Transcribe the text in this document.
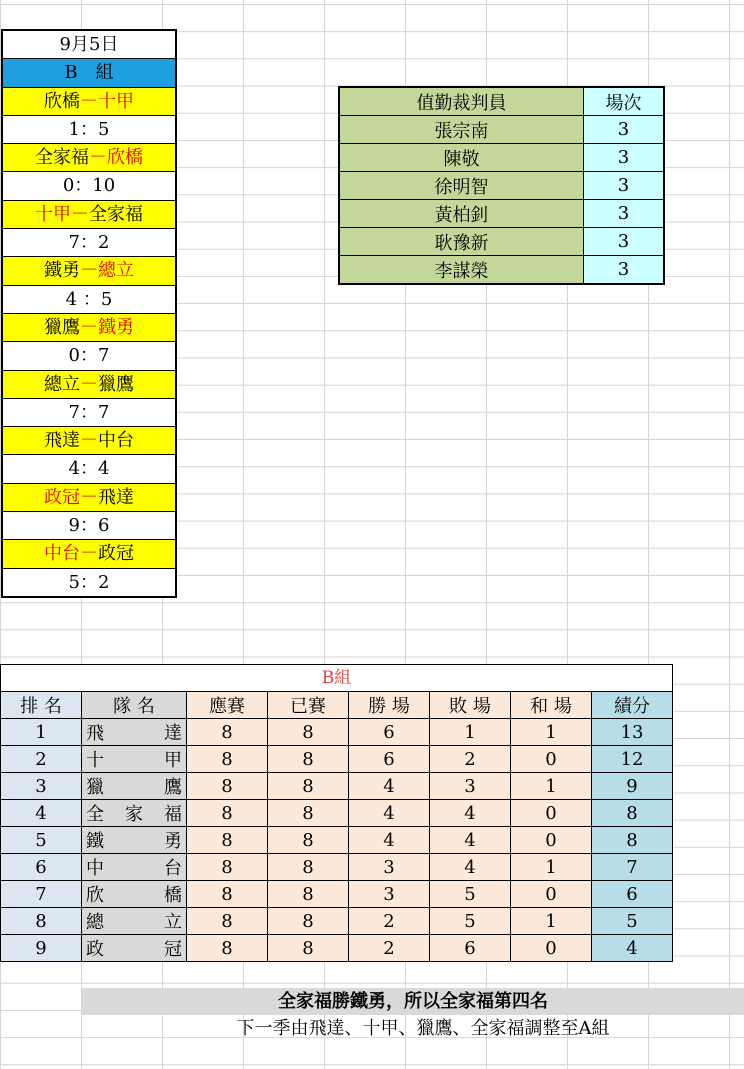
9月5日
B　組
欣橋－十甲
1：5
全家福－欣橋
0：10
十甲－全家福
7：2
鐵勇－總立
4 ：5
獵鷹－鐵勇
0：7
總立－獵鷹
7：7
飛達－中台
4：4
政冠－飛達
9：6
中台－政冠
5：2
值勤裁判員	場次
張宗南	3
陳敬	3
徐明智	3
黃柏釗	3
耿豫新	3
李謀榮	3
B組
排 名	隊 名	應賽	已賽	勝 場	敗 場	和 場	績分
1	飛達	8	8	6	1	1	13
2	十甲	8	8	6	2	0	12
3	獵鷹	8	8	4	3	1	9
4	全家福	8	8	4	4	0	8
5	鐵勇	8	8	4	4	0	8
6	中台	8	8	3	4	1	7
7	欣橋	8	8	3	5	0	6
8	總立	8	8	2	5	1	5
9	政冠	8	8	2	6	0	4
全家福勝鐵勇，所以全家福第四名
下一季由飛達、十甲、獵鷹、全家福調整至A組
